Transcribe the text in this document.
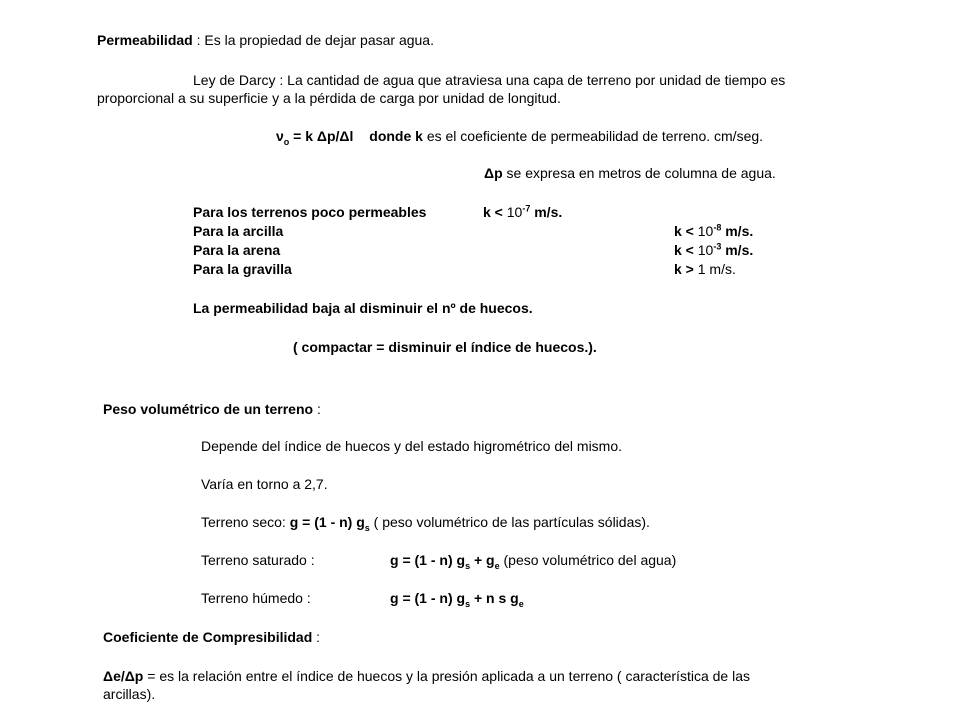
Permeabilidad : Es la propiedad de dejar pasar agua.
Ley de Darcy : La cantidad de agua que atraviesa una capa de terreno por unidad de tiempo es
proporcional a su superficie y a la pérdida de carga por unidad de longitud.
$\nu_o = k$ Δp/Δl donde k es el coeficiente de permeabilidad de terreno. cm/seg.
Δp se expresa en metros de columna de agua.
Para los terrenos poco permeables	$k < 10^{-7}$ m/s.
Para la arcilla	$k < 10^{-8}$ m/s.
Para la arena	$k < 10^{-3}$ m/s.
Para la gravilla	k > 1 m/s.
La permeabilidad baja al disminuir el nº de huecos.
( compactar = disminuir el índice de huecos.).
Peso volumétrico de un terreno :
Depende del índice de huecos y del estado higrométrico del mismo.
Varía en torno a 2,7.
Terreno seco: g = (1 - n) $g_s$ ( peso volumétrico de las partículas sólidas).
Terreno saturado :	g = (1 - n) $g_s + g_e$ (peso volumétrico del agua)
Terreno húmedo :	g = (1 - n) $g_s + n$ s $g_e$
Coeficiente de Compresibilidad :
Δe/Δp = es la relación entre el índice de huecos y la presión aplicada a un terreno ( característica de las
arcillas).
